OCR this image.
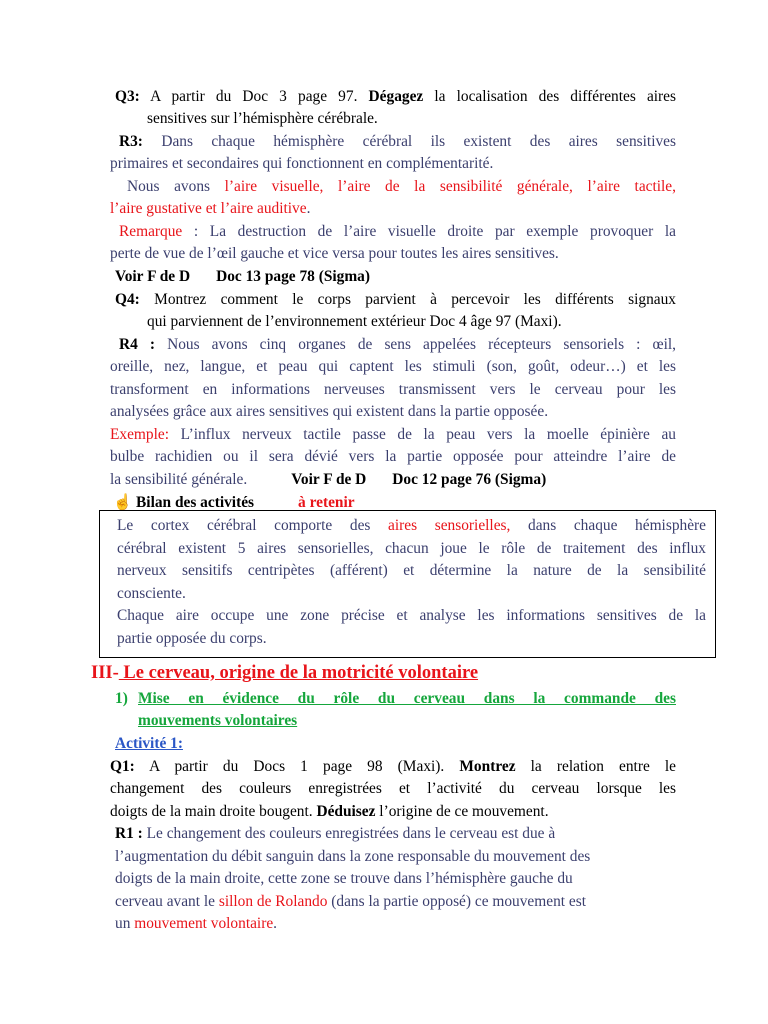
Q3: A partir du Doc 3 page 97. Dégagez la localisation des différentes aires
sensitives sur l’hémisphère cérébrale.
R3: Dans chaque hémisphère cérébral ils existent des aires sensitives
primaires et secondaires qui fonctionnent en complémentarité.
Nous avons l’aire visuelle, l’aire de la sensibilité générale, l’aire tactile,
l’aire gustative et l’aire auditive.
Remarque : La destruction de l’aire visuelle droite par exemple provoquer la
perte de vue de l’œil gauche et vice versa pour toutes les aires sensitives.
Voir F de D Doc 13 page 78 (Sigma)
Q4: Montrez comment le corps parvient à percevoir les différents signaux
qui parviennent de l’environnement extérieur Doc 4 âge 97 (Maxi).
R4 : Nous avons cinq organes de sens appelées récepteurs sensoriels : œil,
oreille, nez, langue, et peau qui captent les stimuli (son, goût, odeur…) et les
transforment en informations nerveuses transmissent vers le cerveau pour les
analysées grâce aux aires sensitives qui existent dans la partie opposée.
Exemple: L’influx nerveux tactile passe de la peau vers la moelle épinière au
bulbe rachidien ou il sera dévié vers la partie opposée pour atteindre l’aire de
la sensibilité générale.	Voir F de D Doc 12 page 76 (Sigma)
☝ Bilan des activités	à retenir
Le cortex cérébral comporte des aires sensorielles, dans chaque hémisphère
cérébral existent 5 aires sensorielles, chacun joue le rôle de traitement des influx
nerveux sensitifs centripètes (afférent) et détermine la nature de la sensibilité
consciente.
Chaque aire occupe une zone précise et analyse les informations sensitives de la
partie opposée du corps.
III- Le cerveau, origine de la motricité volontaire
1) Mise en évidence du rôle du cerveau dans la commande des
mouvements volontaires
Activité 1:
Q1: A partir du Docs 1 page 98 (Maxi). Montrez la relation entre le
changement des couleurs enregistrées et l’activité du cerveau lorsque les
doigts de la main droite bougent. Déduisez l’origine de ce mouvement.
R1 : Le changement des couleurs enregistrées dans le cerveau est due à
l’augmentation du débit sanguin dans la zone responsable du mouvement des
doigts de la main droite, cette zone se trouve dans l’hémisphère gauche du
cerveau avant le sillon de Rolando (dans la partie opposé) ce mouvement est
un mouvement volontaire.
